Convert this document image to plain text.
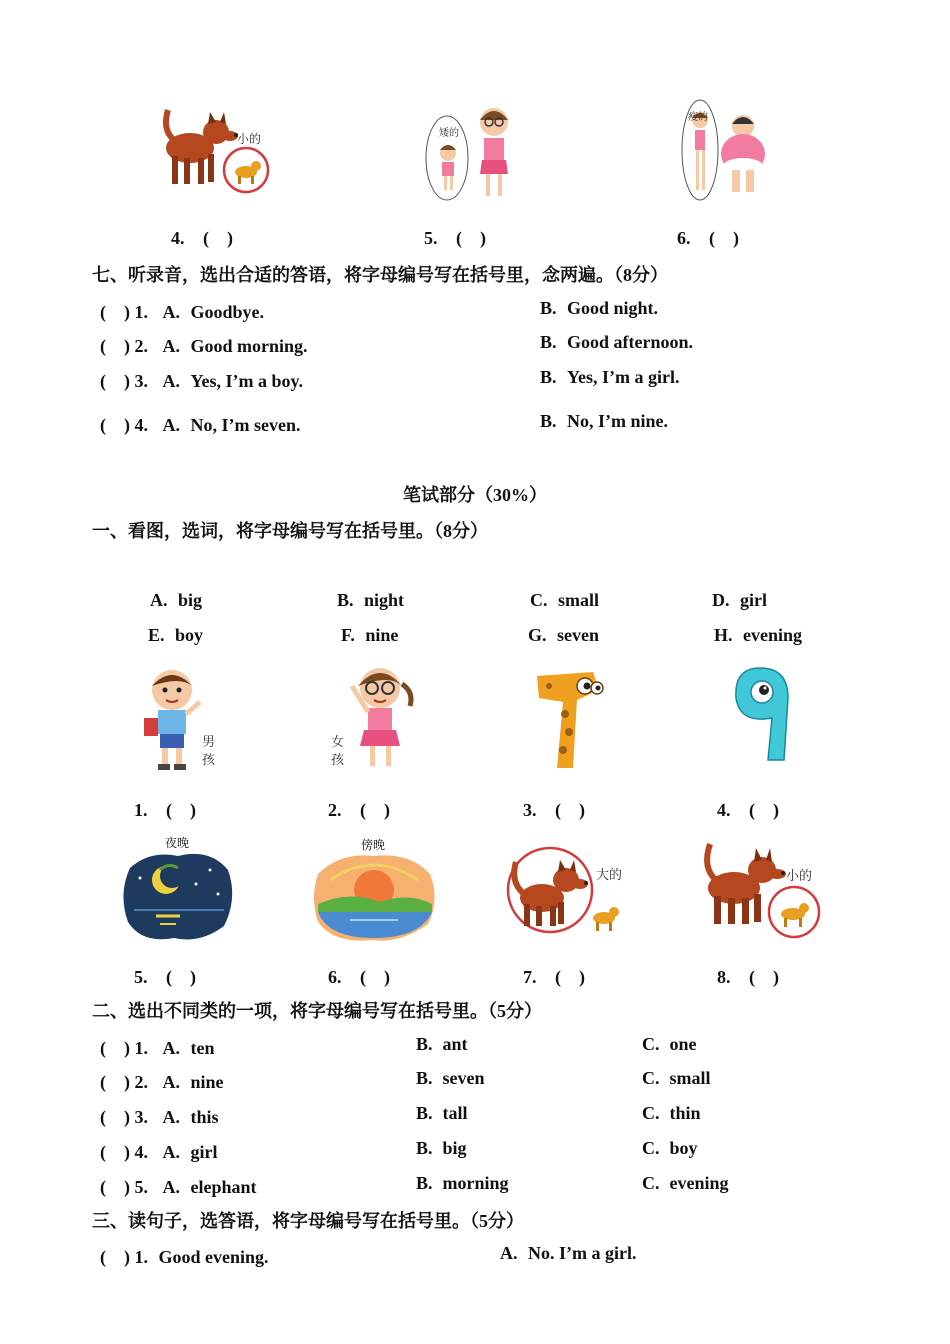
小的	矮的
瘦的
4. (　)	5. (　)	6. (　)
七、听录音，选出合适的答语，将字母编号写在括号里，念两遍。（8分）
(　) 1. A. Goodbye.	B. Good night.
(　) 2. A. Good morning.	B. Good afternoon.
(　) 3. A. Yes, I’m a boy.	B. Yes, I’m a girl.
(　) 4. A. No, I’m seven.	B. No, I’m nine.
笔试部分（30%）
一、看图，选词，将字母编号写在括号里。（8分）
A. big	B. night	C. small	D. girl
E. boy	F. nine	G. seven	H. evening
男孩
女孩
1. (　)	2. (　)	3. (　)	4. (　)
夜晚	傍晚
大的	小的
5. (　)	6. (　)	7. (　)	8. (　)
二、选出不同类的一项，将字母编号写在括号里。（5分）
(　) 1. A. ten	B. ant	C. one
(　) 2. A. nine	B. seven	C. small
(　) 3. A. this	B. tall	C. thin
(　) 4. A. girl	B. big	C. boy
(　) 5. A. elephant	B. morning	C. evening
三、读句子，选答语，将字母编号写在括号里。（5分）
(　) 1. Good evening.	A. No. I’m a girl.
